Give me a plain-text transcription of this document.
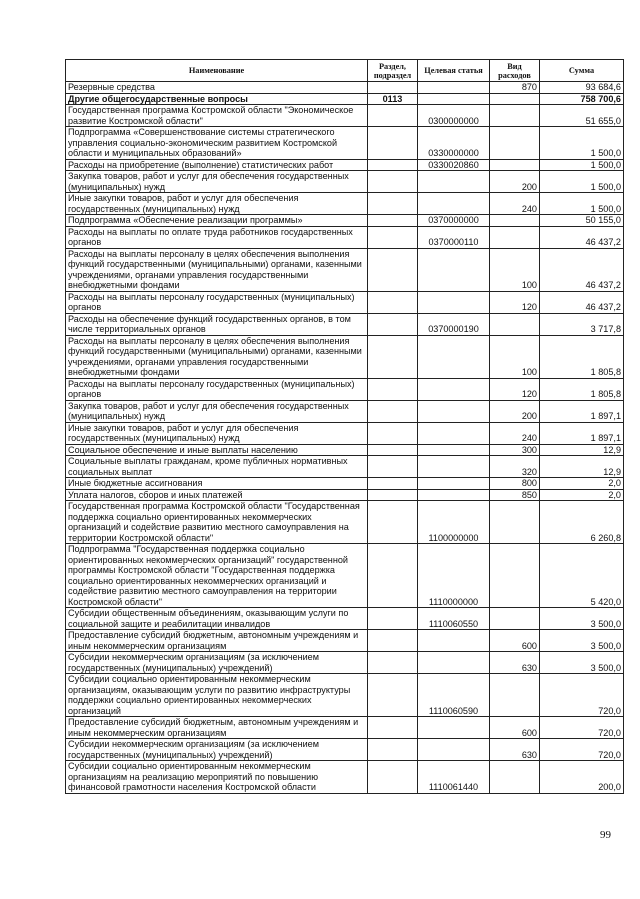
Наименование	Раздел, подраздел	Целевая статья	Вид расходов	Сумма
Резервные средства			870	93 684,6
Другие общегосударственные вопросы	0113			758 700,6
Государственная программа Костромской области "Экономическое развитие Костромской области"		0300000000		51 655,0
Подпрограмма «Совершенствование системы стратегического управления социально-экономическим развитием Костромской области и муниципальных образований»		0330000000		1 500,0
Расходы на приобретение (выполнение) статистических работ		0330020860		1 500,0
Закупка товаров, работ и услуг для обеспечения государственных (муниципальных) нужд			200	1 500,0
Иные закупки товаров, работ и услуг для обеспечения государственных (муниципальных) нужд			240	1 500,0
Подпрограмма «Обеспечение реализации программы»		0370000000		50 155,0
Расходы на выплаты по оплате труда работников государственных органов		0370000110		46 437,2
Расходы на выплаты персоналу в целях обеспечения выполнения функций государственными (муниципальными) органами, казенными учреждениями, органами управления государственными внебюджетными фондами			100	46 437,2
Расходы на выплаты персоналу государственных (муниципальных) органов			120	46 437,2
Расходы на обеспечение функций государственных органов, в том числе территориальных органов		0370000190		3 717,8
Расходы на выплаты персоналу в целях обеспечения выполнения функций государственными (муниципальными) органами, казенными учреждениями, органами управления государственными внебюджетными фондами			100	1 805,8
Расходы на выплаты персоналу государственных (муниципальных) органов			120	1 805,8
Закупка товаров, работ и услуг для обеспечения государственных (муниципальных) нужд			200	1 897,1
Иные закупки товаров, работ и услуг для обеспечения государственных (муниципальных) нужд			240	1 897,1
Социальное обеспечение и иные выплаты населению			300	12,9
Социальные выплаты гражданам, кроме публичных нормативных социальных выплат			320	12,9
Иные бюджетные ассигнования			800	2,0
Уплата налогов, сборов и иных платежей			850	2,0
Государственная программа Костромской области "Государственная поддержка социально ориентированных некоммерческих организаций и содействие развитию местного самоуправления на территории Костромской области"		1100000000		6 260,8
Подпрограмма "Государственная поддержка социально ориентированных некоммерческих организаций" государственной программы Костромской области "Государственная поддержка социально ориентированных некоммерческих организаций и содействие развитию местного самоуправления на территории Костромской области"		1110000000		5 420,0
Субсидии общественным объединениям, оказывающим услуги по социальной защите и реабилитации инвалидов		1110060550		3 500,0
Предоставление субсидий бюджетным, автономным учреждениям и иным некоммерческим организациям			600	3 500,0
Субсидии некоммерческим организациям (за исключением государственных (муниципальных) учреждений)			630	3 500,0
Субсидии социально ориентированным некоммерческим организациям, оказывающим услуги по развитию инфраструктуры поддержки социально ориентированных некоммерческих организаций		1110060590		720,0
Предоставление субсидий бюджетным, автономным учреждениям и иным некоммерческим организациям			600	720,0
Субсидии некоммерческим организациям (за исключением государственных (муниципальных) учреждений)			630	720,0
Субсидии социально ориентированным некоммерческим организациям на реализацию мероприятий по повышению финансовой грамотности населения Костромской области		1110061440		200,0
99
